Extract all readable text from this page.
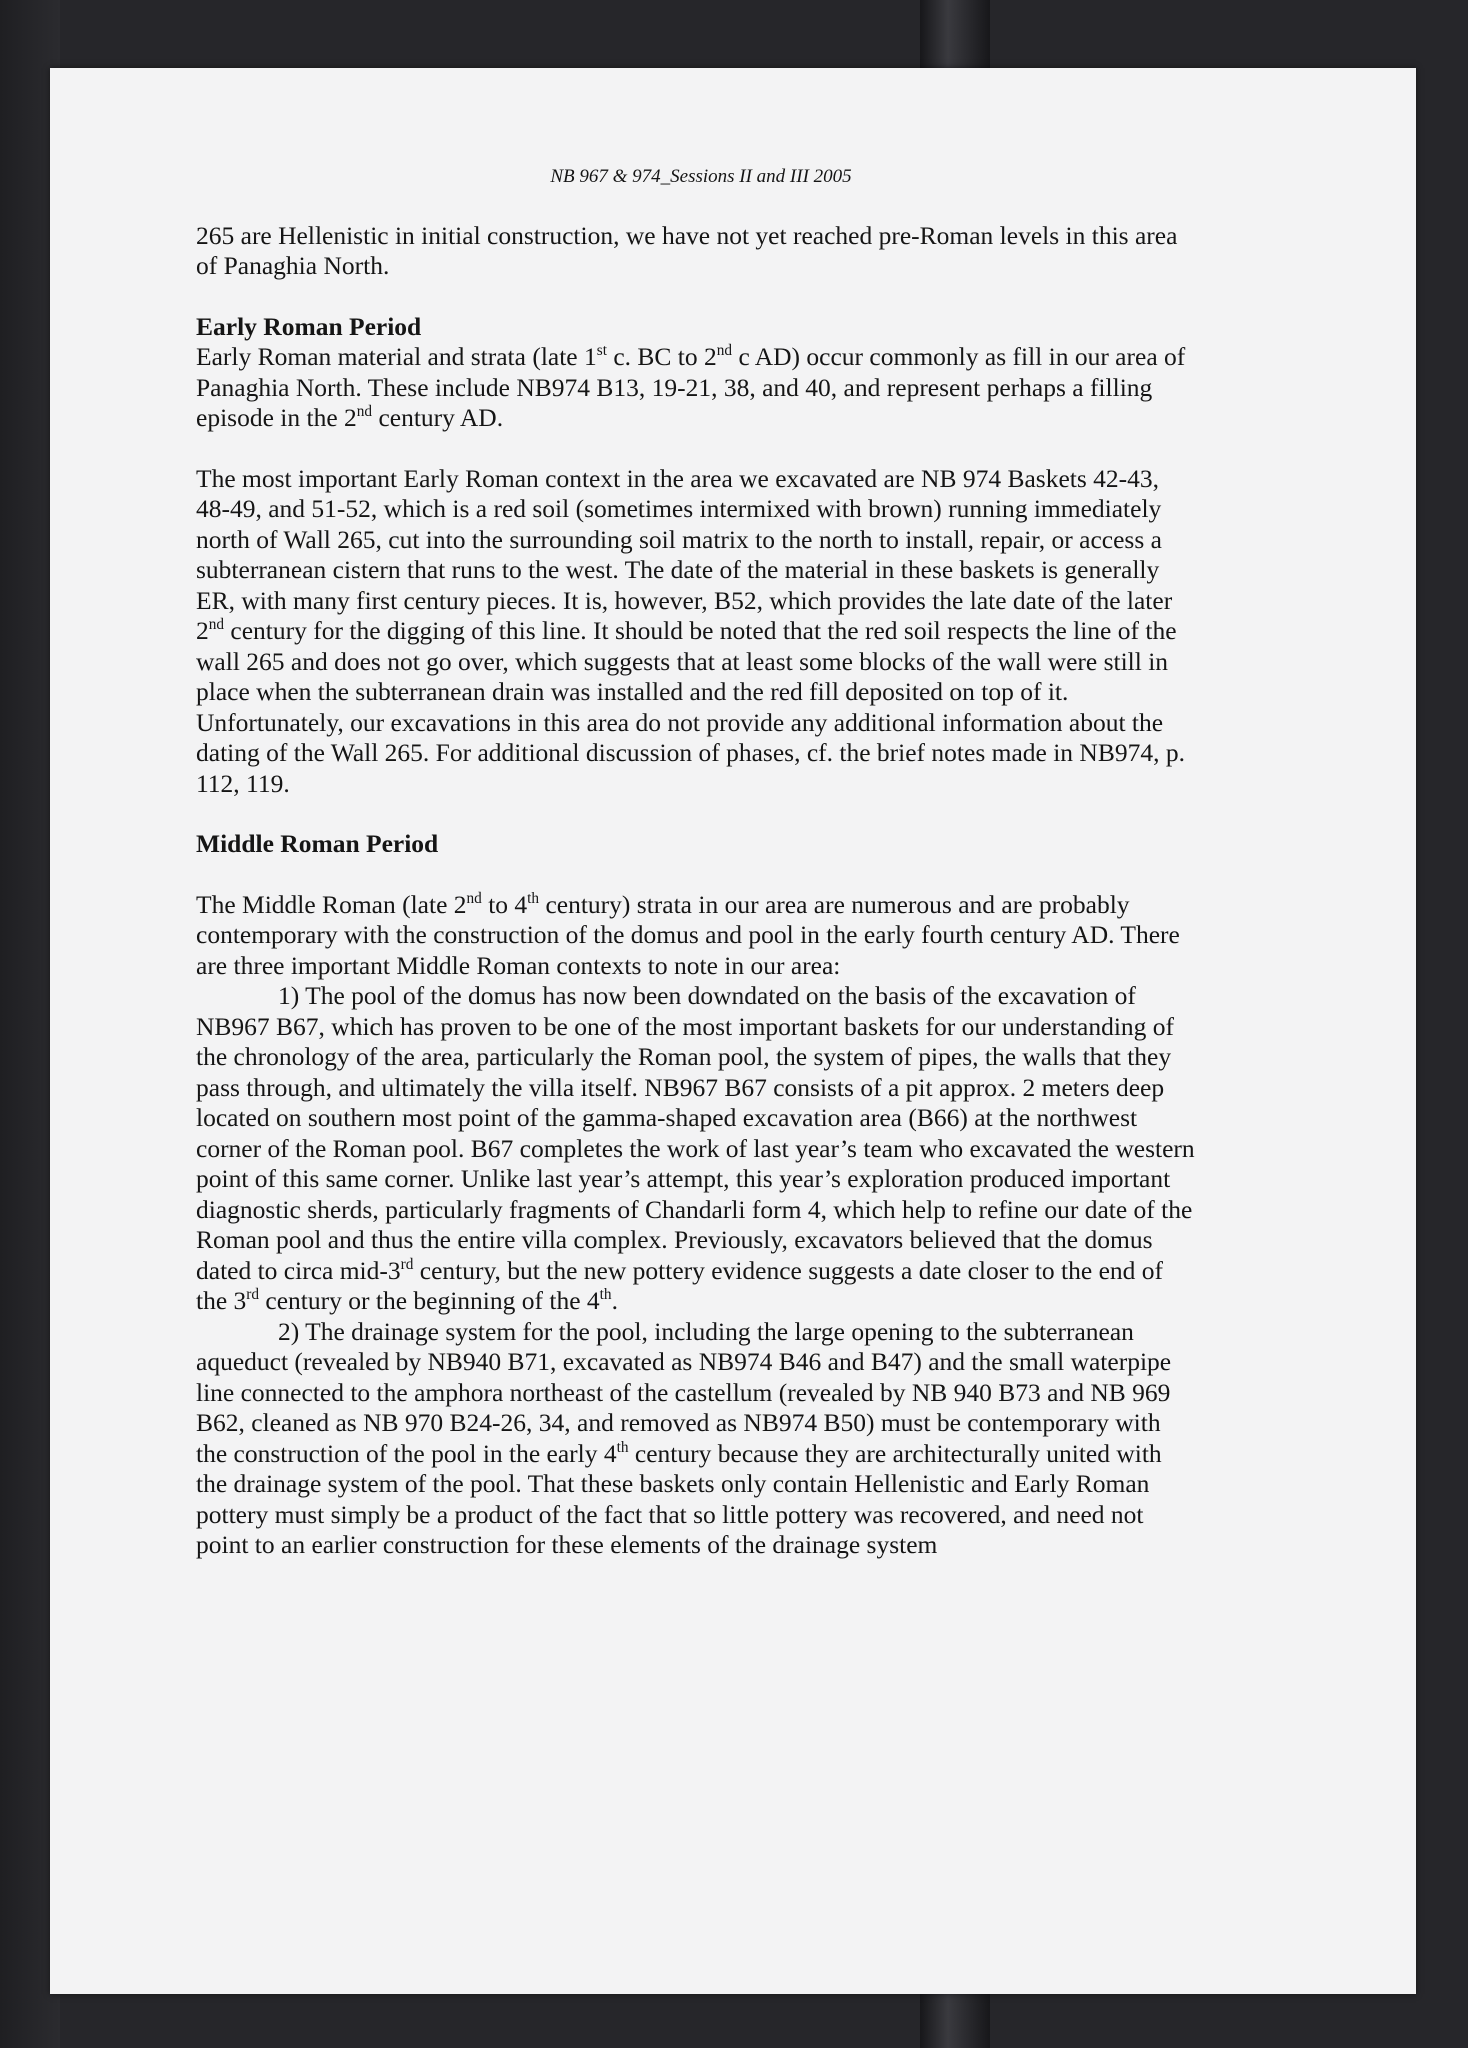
NB 967 & 974_Sessions II and III 2005

265 are Hellenistic in initial construction, we have not yet reached pre-Roman levels in this area of Panaghia North.

Early Roman Period

Early Roman material and strata (late 1st c. BC to 2nd c AD) occur commonly as fill in our area of Panaghia North. These include NB974 B13, 19-21, 38, and 40, and represent perhaps a filling episode in the 2nd century AD.

The most important Early Roman context in the area we excavated are NB 974 Baskets 42-43, 48-49, and 51-52, which is a red soil (sometimes intermixed with brown) running immediately north of Wall 265, cut into the surrounding soil matrix to the north to install, repair, or access a subterranean cistern that runs to the west. The date of the material in these baskets is generally ER, with many first century pieces. It is, however, B52, which provides the late date of the later 2nd century for the digging of this line. It should be noted that the red soil respects the line of the wall 265 and does not go over, which suggests that at least some blocks of the wall were still in place when the subterranean drain was installed and the red fill deposited on top of it. Unfortunately, our excavations in this area do not provide any additional information about the dating of the Wall 265. For additional discussion of phases, cf. the brief notes made in NB974, p. 112, 119.

Middle Roman Period

The Middle Roman (late 2nd to 4th century) strata in our area are numerous and are probably contemporary with the construction of the domus and pool in the early fourth century AD. There are three important Middle Roman contexts to note in our area:

1) The pool of the domus has now been downdated on the basis of the excavation of NB967 B67, which has proven to be one of the most important baskets for our understanding of the chronology of the area, particularly the Roman pool, the system of pipes, the walls that they pass through, and ultimately the villa itself. NB967 B67 consists of a pit approx. 2 meters deep located on southern most point of the gamma-shaped excavation area (B66) at the northwest corner of the Roman pool. B67 completes the work of last year’s team who excavated the western point of this same corner. Unlike last year’s attempt, this year’s exploration produced important diagnostic sherds, particularly fragments of Chandarli form 4, which help to refine our date of the Roman pool and thus the entire villa complex. Previously, excavators believed that the domus dated to circa mid-3rd century, but the new pottery evidence suggests a date closer to the end of the 3rd century or the beginning of the 4th.

2) The drainage system for the pool, including the large opening to the subterranean aqueduct (revealed by NB940 B71, excavated as NB974 B46 and B47) and the small waterpipe line connected to the amphora northeast of the castellum (revealed by NB 940 B73 and NB 969 B62, cleaned as NB 970 B24-26, 34, and removed as NB974 B50) must be contemporary with the construction of the pool in the early 4th century because they are architecturally united with the drainage system of the pool. That these baskets only contain Hellenistic and Early Roman pottery must simply be a product of the fact that so little pottery was recovered, and need not point to an earlier construction for these elements of the drainage system
